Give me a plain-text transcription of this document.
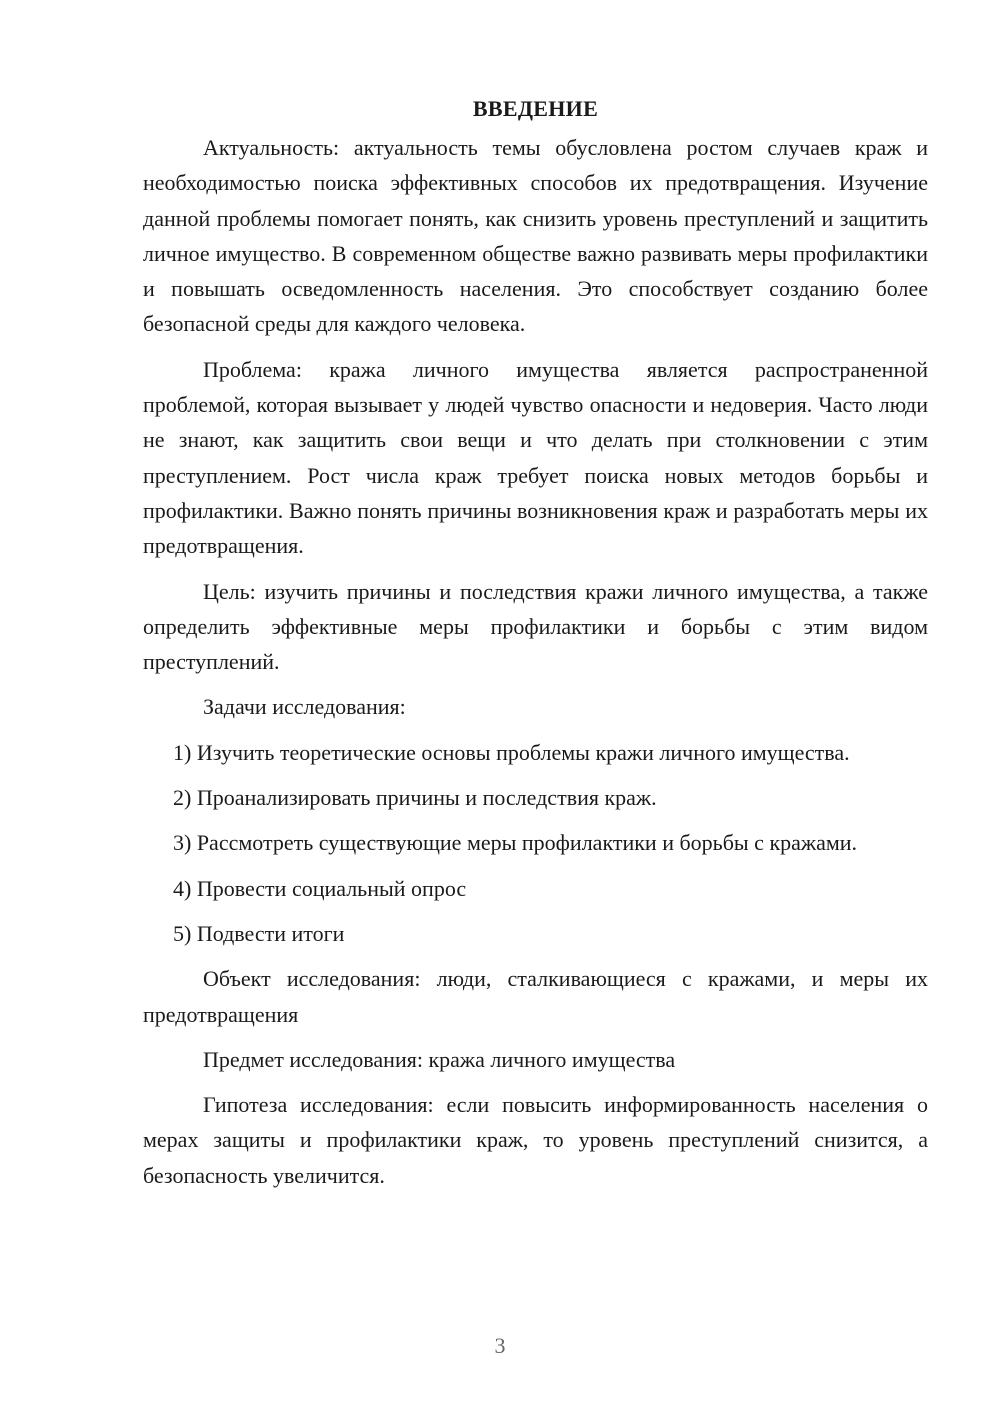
ВВЕДЕНИЕ

Актуальность: актуальность темы обусловлена ростом случаев краж и необходимостью поиска эффективных способов их предотвращения. Изучение данной проблемы помогает понять, как снизить уровень преступлений и защитить личное имущество. В современном обществе важно развивать меры профилактики и повышать осведомленность населения. Это способствует созданию более безопасной среды для каждого человека.

Проблема: кража личного имущества является распространенной проблемой, которая вызывает у людей чувство опасности и недоверия. Часто люди не знают, как защитить свои вещи и что делать при столкновении с этим преступлением. Рост числа краж требует поиска новых методов борьбы и профилактики. Важно понять причины возникновения краж и разработать меры их предотвращения.

Цель: изучить причины и последствия кражи личного имущества, а также определить эффективные меры профилактики и борьбы с этим видом преступлений.

Задачи исследования:

1) Изучить теоретические основы проблемы кражи личного имущества.

2) Проанализировать причины и последствия краж.

3) Рассмотреть существующие меры профилактики и борьбы с кражами.

4) Провести социальный опрос

5) Подвести итоги

Объект исследования: люди, сталкивающиеся с кражами, и меры их предотвращения

Предмет исследования: кража личного имущества

Гипотеза исследования: если повысить информированность населения о мерах защиты и профилактики краж, то уровень преступлений снизится, а безопасность увеличится.

3
